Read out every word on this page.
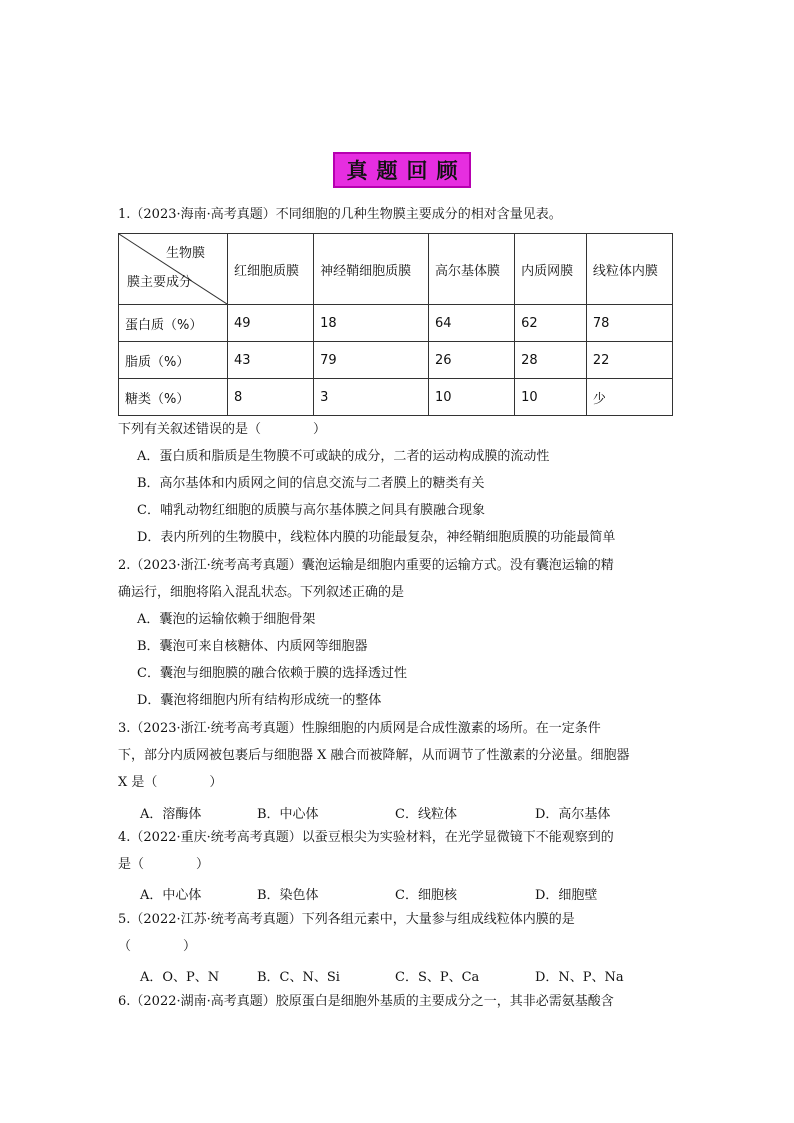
真题回顾
1.（2023·海南·高考真题）不同细胞的几种生物膜主要成分的相对含量见表。
生物膜
膜主要成分	红细胞质膜	神经鞘细胞质膜	高尔基体膜	内质网膜	线粒体内膜
蛋白质（%）	49	18	64	62	78
脂质（%）	43	79	26	28	22
糖类（%）	8	3	10	10	少
下列有关叙述错误的是（　　　　）
A．蛋白质和脂质是生物膜不可或缺的成分，二者的运动构成膜的流动性
B．高尔基体和内质网之间的信息交流与二者膜上的糖类有关
C．哺乳动物红细胞的质膜与高尔基体膜之间具有膜融合现象
D．表内所列的生物膜中，线粒体内膜的功能最复杂，神经鞘细胞质膜的功能最简单
2.（2023·浙江·统考高考真题）囊泡运输是细胞内重要的运输方式。没有囊泡运输的精
确运行，细胞将陷入混乱状态。下列叙述正确的是
A．囊泡的运输依赖于细胞骨架
B．囊泡可来自核糖体、内质网等细胞器
C．囊泡与细胞膜的融合依赖于膜的选择透过性
D．囊泡将细胞内所有结构形成统一的整体
3.（2023·浙江·统考高考真题）性腺细胞的内质网是合成性激素的场所。在一定条件
下，部分内质网被包裹后与细胞器 X 融合而被降解，从而调节了性激素的分泌量。细胞器
X 是（　　　　）
A．溶酶体	B．中心体	C．线粒体	D．高尔基体
4.（2022·重庆·统考高考真题）以蚕豆根尖为实验材料，在光学显微镜下不能观察到的
是（　　　　）
A．中心体	B．染色体	C．细胞核	D．细胞壁
5.（2022·江苏·统考高考真题）下列各组元素中，大量参与组成线粒体内膜的是
（　　　　）
A．O、P、N	B．C、N、Si	C．S、P、Ca	D．N、P、Na
6.（2022·湖南·高考真题）胶原蛋白是细胞外基质的主要成分之一，其非必需氨基酸含
